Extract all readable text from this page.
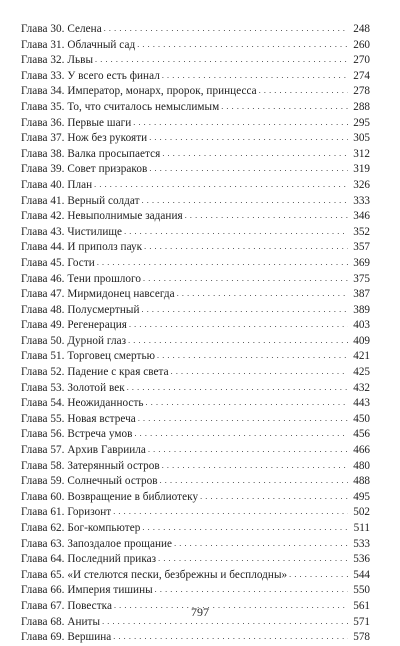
Глава 30. Селена . . .	248
Глава 31. Облачный сад . . .	260
Глава 32. Львы . . .	270
Глава 33. У всего есть финал . . .	274
Глава 34. Император, монарх, пророк, принцесса . . .	278
Глава 35. То, что считалось немыслимым . . .	288
Глава 36. Первые шаги . . .	295
Глава 37. Нож без рукояти . . .	305
Глава 38. Валка просыпается . . .	312
Глава 39. Совет призраков . . .	319
Глава 40. План . . .	326
Глава 41. Верный солдат . . .	333
Глава 42. Невыполнимые задания . . .	346
Глава 43. Чистилище . . .	352
Глава 44. И приполз паук . . .	357
Глава 45. Гости . . .	369
Глава 46. Тени прошлого . . .	375
Глава 47. Мирмидонец навсегда . . .	387
Глава 48. Полусмертный . . .	389
Глава 49. Регенерация . . .	403
Глава 50. Дурной глаз . . .	409
Глава 51. Торговец смертью . . .	421
Глава 52. Падение с края света . . .	425
Глава 53. Золотой век . . .	432
Глава 54. Неожиданность . . .	443
Глава 55. Новая встреча . . .	450
Глава 56. Встреча умов . . .	456
Глава 57. Архив Гавриила . . .	466
Глава 58. Затерянный остров . . .	480
Глава 59. Солнечный остров . . .	488
Глава 60. Возвращение в библиотеку . . .	495
Глава 61. Горизонт . . .	502
Глава 62. Бог-компьютер . . .	511
Глава 63. Запоздалое прощание . . .	533
Глава 64. Последний приказ . . .	536
Глава 65. «И стелются пески, безбрежны и бесплодны» . . .	544
Глава 66. Империя тишины . . .	550
Глава 67. Повестка . . .	561
Глава 68. Аниты . . .	571
Глава 69. Вершина . . .	578
797
